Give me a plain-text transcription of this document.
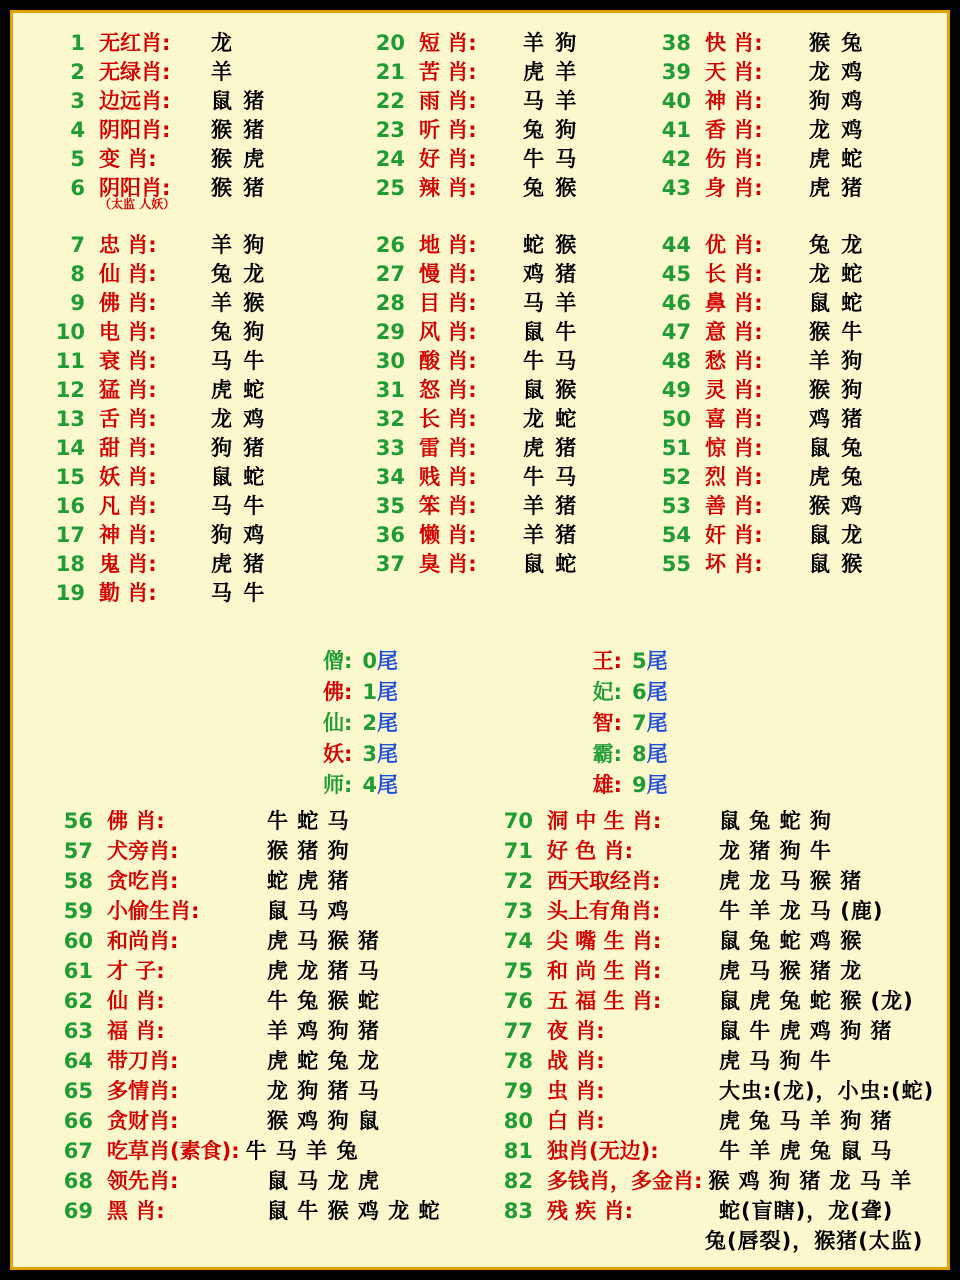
1 无红肖:	龙
2 无绿肖:	羊
3 边远肖:	鼠 猪
4 阴阳肖:	猴 猪
5 变 肖:	猴 虎
6 阴阳肖:	猴 猪
（太监 人妖）
7 忠 肖:	羊 狗
8 仙 肖:	兔 龙
9 佛 肖:	羊 猴
10 电 肖:	兔 狗
11 衰 肖:	马 牛
12 猛 肖:	虎 蛇
13 舌 肖:	龙 鸡
14 甜 肖:	狗 猪
15 妖 肖:	鼠 蛇
16 凡 肖:	马 牛
17 神 肖:	狗 鸡
18 鬼 肖:	虎 猪
19 勤 肖:	马 牛
20 短 肖:	羊 狗
21 苦 肖:	虎 羊
22 雨 肖:	马 羊
23 听 肖:	兔 狗
24 好 肖:	牛 马
25 辣 肖:	兔 猴
26 地 肖:	蛇 猴
27 慢 肖:	鸡 猪
28 目 肖:	马 羊
29 风 肖:	鼠 牛
30 酸 肖:	牛 马
31 怒 肖:	鼠 猴
32 长 肖:	龙 蛇
33 雷 肖:	虎 猪
34 贱 肖:	牛 马
35 笨 肖:	羊 猪
36 懒 肖:	羊 猪
37 臭 肖:	鼠 蛇
38 快 肖:	猴 兔
39 天 肖:	龙 鸡
40 神 肖:	狗 鸡
41 香 肖:	龙 鸡
42 伤 肖:	虎 蛇
43 身 肖:	虎 猪
44 优 肖:	兔 龙
45 长 肖:	龙 蛇
46 鼻 肖:	鼠 蛇
47 意 肖:	猴 牛
48 愁 肖:	羊 狗
49 灵 肖:	猴 狗
50 喜 肖:	鸡 猪
51 惊 肖:	鼠 兔
52 烈 肖:	虎 兔
53 善 肖:	猴 鸡
54 奸 肖:	鼠 龙
55 坏 肖:	鼠 猴
僧: 0尾
佛: 1尾
仙: 2尾
妖: 3尾
师: 4尾
王: 5尾
妃: 6尾
智: 7尾
霸: 8尾
雄: 9尾
56 佛 肖:	牛 蛇 马
57 犬旁肖:	猴 猪 狗
58 贪吃肖:	蛇 虎 猪
59 小偷生肖:	鼠 马 鸡
60 和尚肖:	虎 马 猴 猪
61 才 子:	虎 龙 猪 马
62 仙 肖:	牛 兔 猴 蛇
63 福 肖:	羊 鸡 狗 猪
64 带刀肖:	虎 蛇 兔 龙
65 多情肖:	龙 狗 猪 马
66 贪财肖:	猴 鸡 狗 鼠
67 吃草肖(素食): 牛 马 羊 兔
68 领先肖:	鼠 马 龙 虎
69 黑 肖:	鼠 牛 猴 鸡 龙 蛇
70 洞 中 生 肖:	鼠 兔 蛇 狗
71 好 色 肖:	龙 猪 狗 牛
72 西天取经肖:	虎 龙 马 猴 猪
73 头上有角肖:	牛 羊 龙 马 (鹿)
74 尖 嘴 生 肖:	鼠 兔 蛇 鸡 猴
75 和 尚 生 肖:	虎 马 猴 猪 龙
76 五 福 生 肖:	鼠 虎 兔 蛇 猴 (龙)
77 夜 肖:	鼠 牛 虎 鸡 狗 猪
78 战 肖:	虎 马 狗 牛
79 虫 肖:	大虫:(龙)，小虫:(蛇)
80 白 肖:	虎 兔 马 羊 狗 猪
81 独肖(无边):	牛 羊 虎 兔 鼠 马
82 多钱肖，多金肖: 猴 鸡 狗 猪 龙 马 羊
83 残 疾 肖:	蛇(盲瞎)，龙(聋)
兔(唇裂)，猴猪(太监)
